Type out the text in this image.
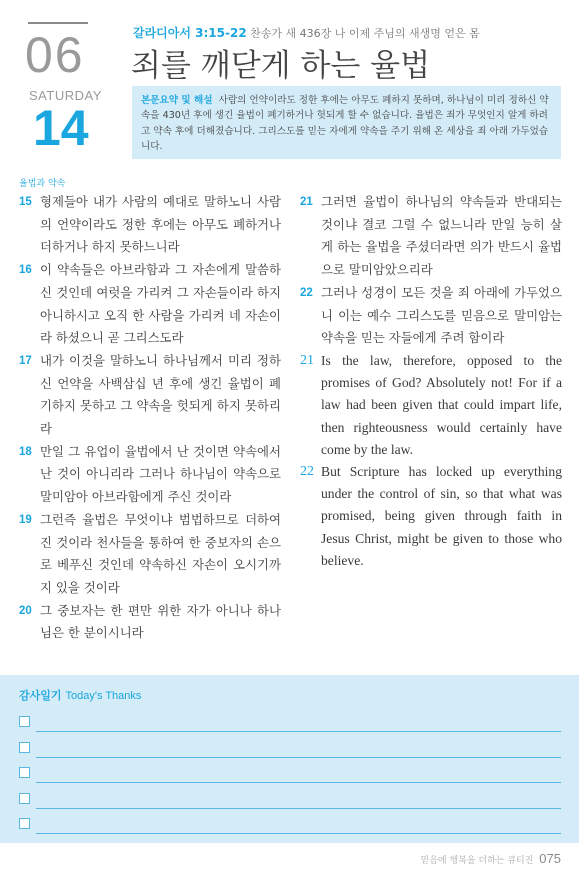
06
SATURDAY
14
갈라디아서 3:15-22 찬송가 새 436장 나 이제 주님의 새생명 얻은 몸
죄를 깨닫게 하는 율법
본문요약 및 해설 사람의 언약이라도 정한 후에는 아무도 폐하지 못하며, 하나님이 미리 정하신 약속을 430년 후에 생긴 율법이 폐기하거나 헛되게 할 수 없습니다. 율법은 죄가 무엇인지 알게 하려고 약속 후에 더해졌습니다. 그리스도를 믿는 자에게 약속을 주기 위해 온 세상을 죄 아래 가두었습니다.
율법과 약속
15 형제들아 내가 사람의 예대로 말하노니 사람의 언약이라도 정한 후에는 아무도 폐하거나 더하거나 하지 못하느니라
16 이 약속들은 아브라함과 그 자손에게 말씀하신 것인데 여럿을 가리켜 그 자손들이라 하지 아니하시고 오직 한 사람을 가리켜 네 자손이라 하셨으니 곧 그리스도라
17 내가 이것을 말하노니 하나님께서 미리 정하신 언약을 사백삼십 년 후에 생긴 율법이 폐기하지 못하고 그 약속을 헛되게 하지 못하리라
18 만일 그 유업이 율법에서 난 것이면 약속에서 난 것이 아니리라 그러나 하나님이 약속으로 말미암아 아브라함에게 주신 것이라
19 그런즉 율법은 무엇이냐 범법하므로 더하여진 것이라 천사들을 통하여 한 중보자의 손으로 베푸신 것인데 약속하신 자손이 오시기까지 있을 것이라
20 그 중보자는 한 편만 위한 자가 아니나 하나님은 한 분이시니라
21 그러면 율법이 하나님의 약속들과 반대되는 것이냐 결코 그럴 수 없느니라 만일 능히 살게 하는 율법을 주셨더라면 의가 반드시 율법으로 말미암았으리라
22 그러나 성경이 모든 것을 죄 아래에 가두었으니 이는 예수 그리스도를 믿음으로 말미암는 약속을 믿는 자들에게 주려 함이라
21 Is the law, therefore, opposed to the promises of God? Absolutely not! For if a law had been given that could impart life, then righteousness would certainly have come by the law.
22 But Scripture has locked up everything under the control of sin, so that what was promised, being given through faith in Jesus Christ, might be given to those who believe.
감사일기 Today's Thanks
믿음에 행복을 더하는 큐티진 075
